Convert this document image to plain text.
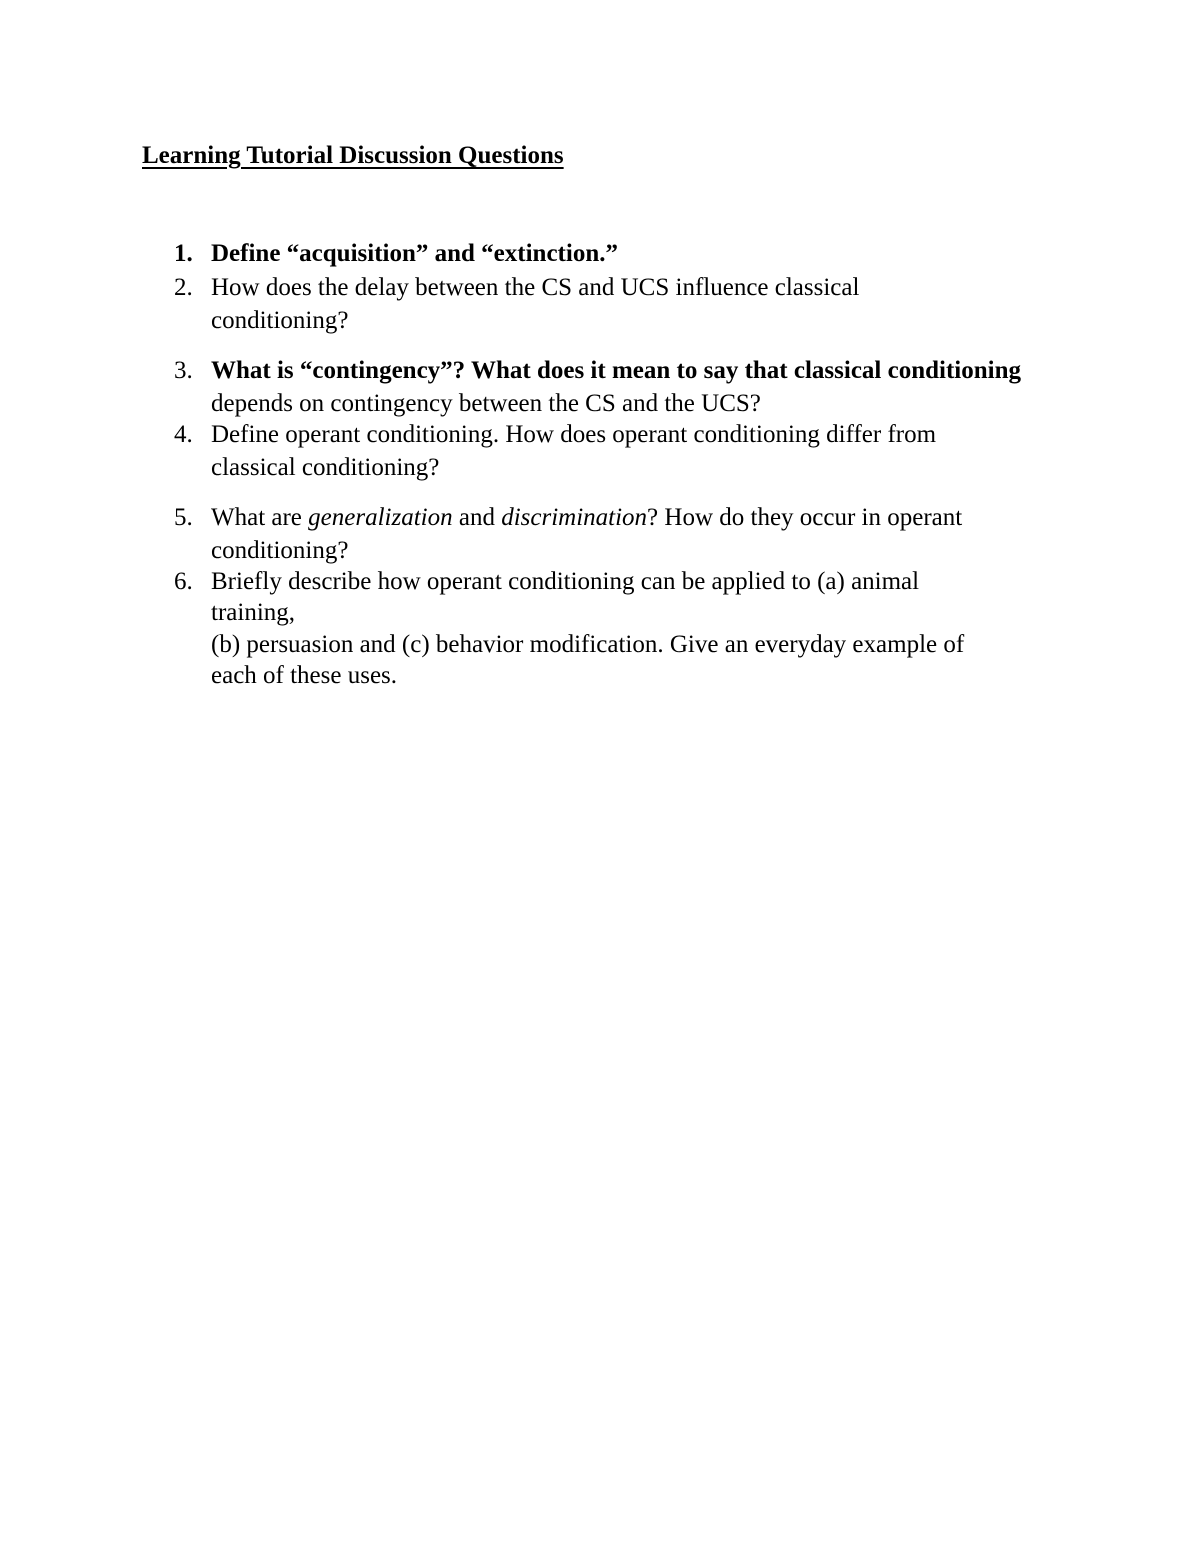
Learning Tutorial Discussion Questions
1. Define “acquisition” and “extinction.”
2. How does the delay between the CS and UCS influence classical
conditioning?
3. What is “contingency”? What does it mean to say that classical conditioning
depends on contingency between the CS and the UCS?
4. Define operant conditioning. How does operant conditioning differ from
classical conditioning?
5. What are generalization and discrimination? How do they occur in operant
conditioning?
6. Briefly describe how operant conditioning can be applied to (a) animal
training,
(b) persuasion and (c) behavior modification. Give an everyday example of
each of these uses.
